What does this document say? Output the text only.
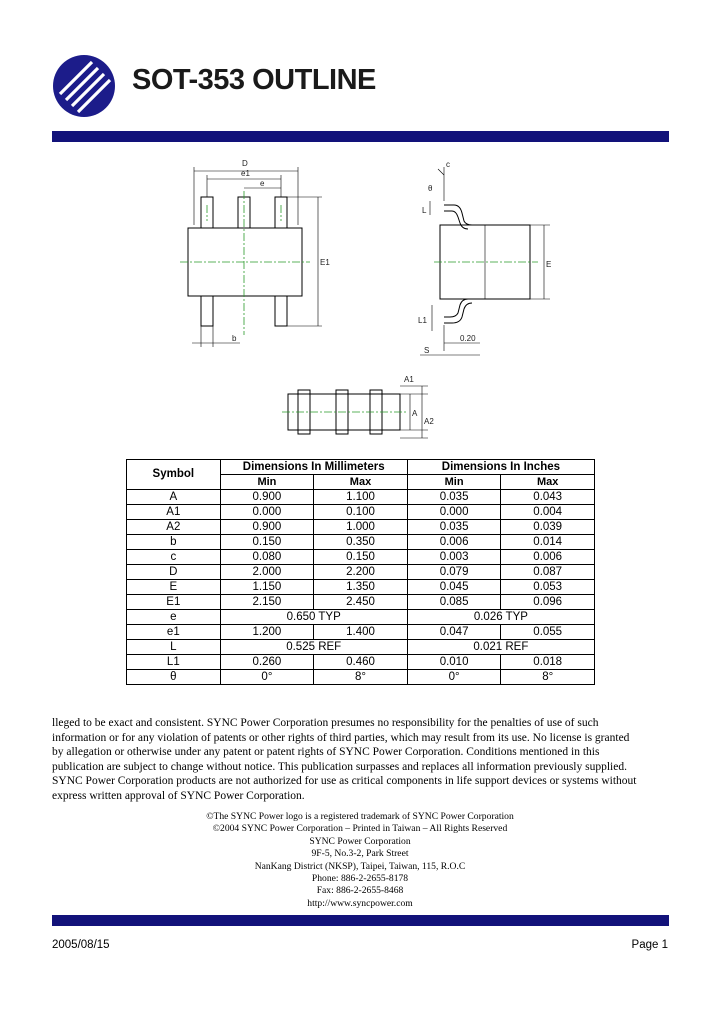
SOT-353 OUTLINE
D
e1
e
E1
b
c
θ
L
E
L1
0.20
S
A1
A
A2
Symbol	Dimensions In Millimeters		Dimensions In Inches	
	Min	Max	Min	Max
A	0.900	1.100	0.035	0.043
A1	0.000	0.100	0.000	0.004
A2	0.900	1.000	0.035	0.039
b	0.150	0.350	0.006	0.014
c	0.080	0.150	0.003	0.006
D	2.000	2.200	0.079	0.087
E	1.150	1.350	0.045	0.053
E1	2.150	2.450	0.085	0.096
e	0.650 TYP		0.026 TYP	
e1	1.200	1.400	0.047	0.055
L	0.525 REF		0.021 REF	
L1	0.260	0.460	0.010	0.018
θ	0°	8°	0°	8°
lleged to be exact and consistent. SYNC Power Corporation presumes no responsibility for the penalties of use of such
information or for any violation of patents or other rights of third parties, which may result from its use. No license is granted
by allegation or otherwise under any patent or patent rights of SYNC Power Corporation. Conditions mentioned in this
publication are subject to change without notice. This publication surpasses and replaces all information previously supplied.
SYNC Power Corporation products are not authorized for use as critical components in life support devices or systems without
express written approval of SYNC Power Corporation.
©The SYNC Power logo is a registered trademark of SYNC Power Corporation
©2004 SYNC Power Corporation – Printed in Taiwan – All Rights Reserved
SYNC Power Corporation
9F-5, No.3-2, Park Street
NanKang District (NKSP), Taipei, Taiwan, 115, R.O.C
Phone: 886-2-2655-8178
Fax: 886-2-2655-8468
http://www.syncpower.com
2005/08/15	Page 1
